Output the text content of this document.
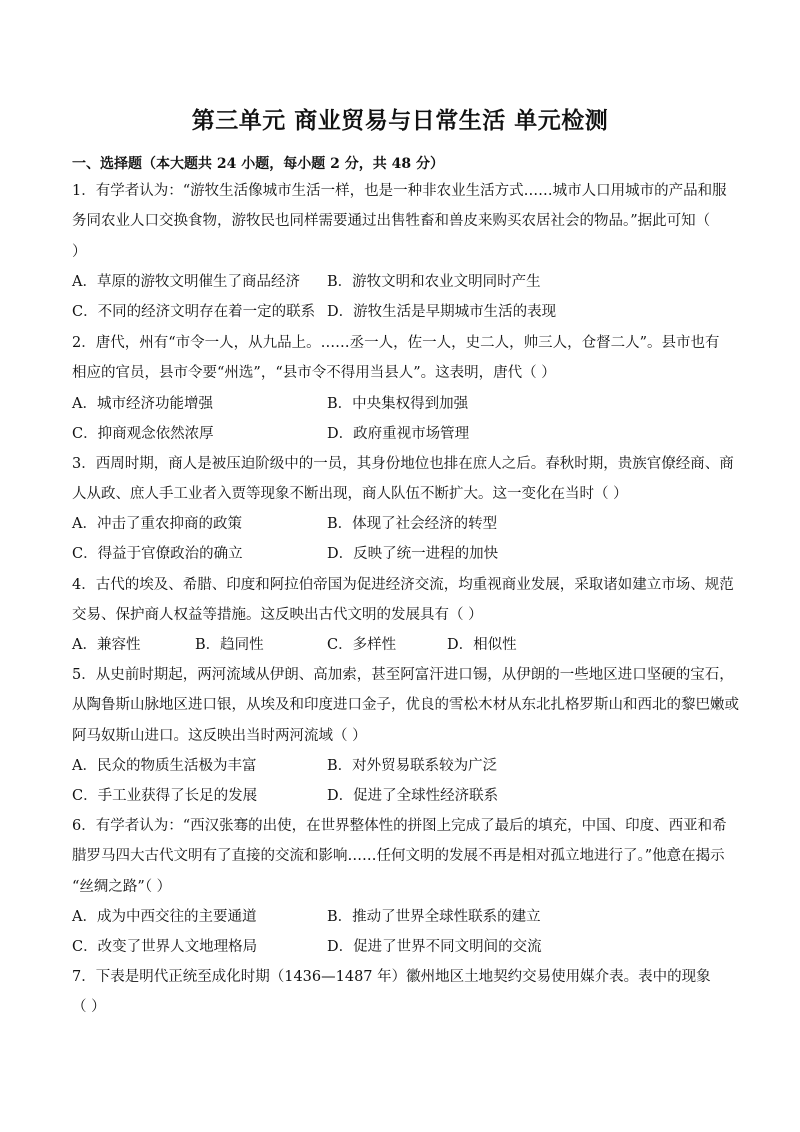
第三单元 商业贸易与日常生活 单元检测
一、选择题（本大题共 24 小题，每小题 2 分，共 48 分）
1．有学者认为：“游牧生活像城市生活一样，也是一种非农业生活方式……城市人口用城市的产品和服
务同农业人口交换食物，游牧民也同样需要通过出售牲畜和兽皮来购买农居社会的物品。”据此可知（
）
A．草原的游牧文明催生了商品经济 B．游牧文明和农业文明同时产生
C．不同的经济文明存在着一定的联系 D．游牧生活是早期城市生活的表现
2．唐代，州有“市令一人，从九品上。……丞一人，佐一人，史二人，帅三人，仓督二人”。县市也有
相应的官员，县市令要“州选”，“县市令不得用当县人”。这表明，唐代（ ）
A．城市经济功能增强	B．中央集权得到加强
C．抑商观念依然浓厚	D．政府重视市场管理
3．西周时期，商人是被压迫阶级中的一员，其身份地位也排在庶人之后。春秋时期，贵族官僚经商、商
人从政、庶人手工业者入贾等现象不断出现，商人队伍不断扩大。这一变化在当时（ ）
A．冲击了重农抑商的政策	B．体现了社会经济的转型
C．得益于官僚政治的确立	D．反映了统一进程的加快
4．古代的埃及、希腊、印度和阿拉伯帝国为促进经济交流，均重视商业发展，采取诸如建立市场、规范
交易、保护商人权益等措施。这反映出古代文明的发展具有（ ）
A．兼容性	B．趋同性	C．多样性	D．相似性
5．从史前时期起，两河流域从伊朗、高加索，甚至阿富汗进口锡，从伊朗的一些地区进口坚硬的宝石，
从陶鲁斯山脉地区进口银，从埃及和印度进口金子，优良的雪松木材从东北扎格罗斯山和西北的黎巴嫩或
阿马奴斯山进口。这反映出当时两河流域（ ）
A．民众的物质生活极为丰富	B．对外贸易联系较为广泛
C．手工业获得了长足的发展	D．促进了全球性经济联系
6．有学者认为：“西汉张骞的出使，在世界整体性的拼图上完成了最后的填充，中国、印度、西亚和希
腊罗马四大古代文明有了直接的交流和影响……任何文明的发展不再是相对孤立地进行了。”他意在揭示
“丝绸之路”（ ）
A．成为中西交往的主要通道	B．推动了世界全球性联系的建立
C．改变了世界人文地理格局	D．促进了世界不同文明间的交流
7．下表是明代正统至成化时期（1436—1487 年）徽州地区土地契约交易使用媒介表。表中的现象
（ ）
